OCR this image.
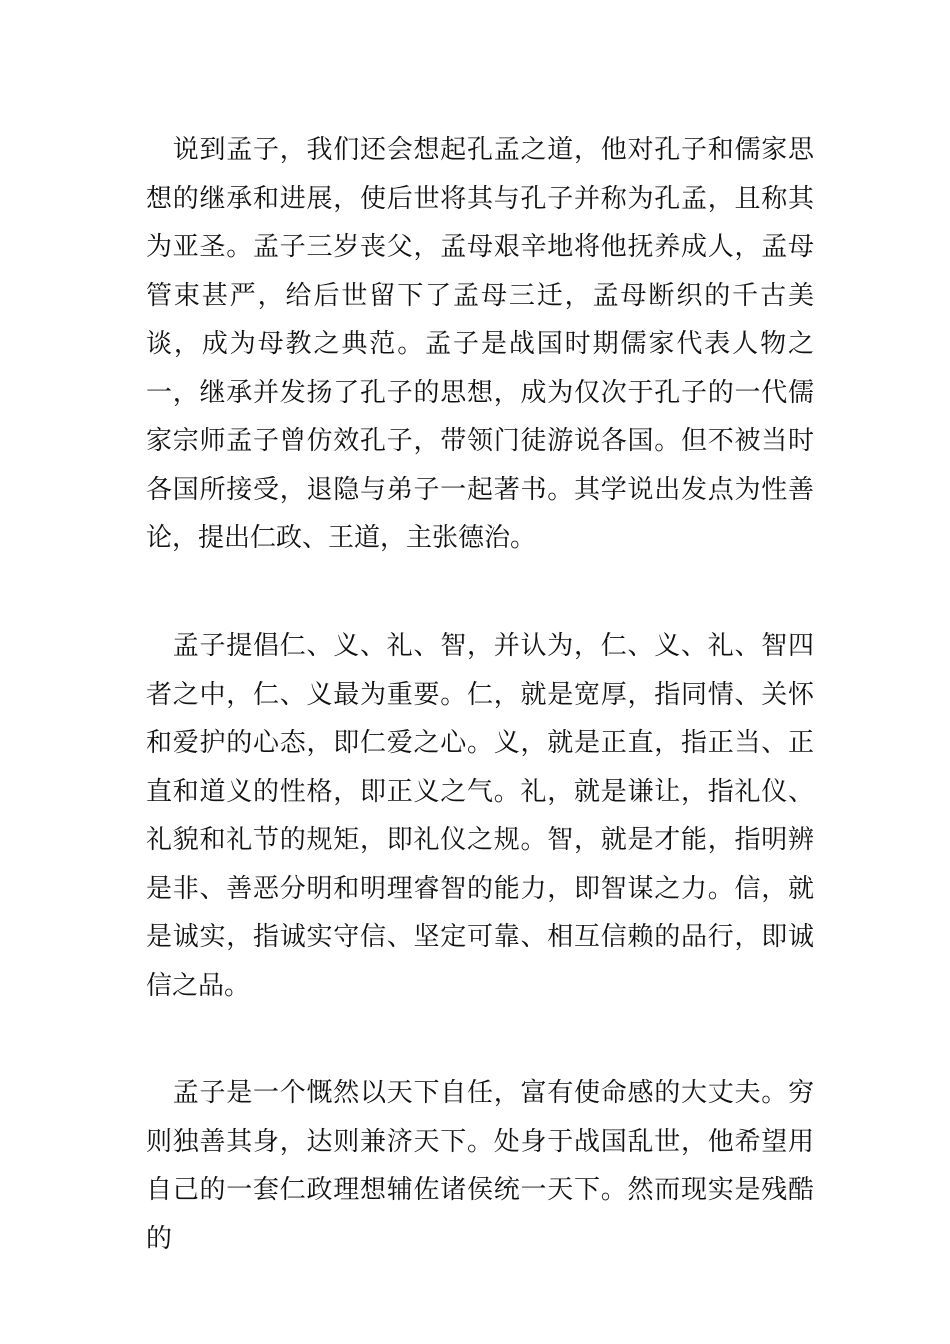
　说到孟子，我们还会想起孔孟之道，他对孔子和儒家思想的继承和进展，使后世将其与孔子并称为孔孟，且称其为亚圣。孟子三岁丧父，孟母艰辛地将他抚养成人，孟母管束甚严，给后世留下了孟母三迁，孟母断织的千古美谈，成为母教之典范。孟子是战国时期儒家代表人物之一，继承并发扬了孔子的思想，成为仅次于孔子的一代儒家宗师孟子曾仿效孔子，带领门徒游说各国。但不被当时各国所接受，退隐与弟子一起著书。其学说出发点为性善论，提出仁政、王道，主张德治。

　孟子提倡仁、义、礼、智，并认为，仁、义、礼、智四者之中，仁、义最为重要。仁，就是宽厚，指同情、关怀和爱护的心态，即仁爱之心。义，就是正直，指正当、正直和道义的性格，即正义之气。礼，就是谦让，指礼仪、礼貌和礼节的规矩，即礼仪之规。智，就是才能，指明辨是非、善恶分明和明理睿智的能力，即智谋之力。信，就是诚实，指诚实守信、坚定可靠、相互信赖的品行，即诚信之品。

　孟子是一个慨然以天下自任，富有使命感的大丈夫。穷则独善其身，达则兼济天下。处身于战国乱世，他希望用自己的一套仁政理想辅佐诸侯统一天下。然而现实是残酷的
